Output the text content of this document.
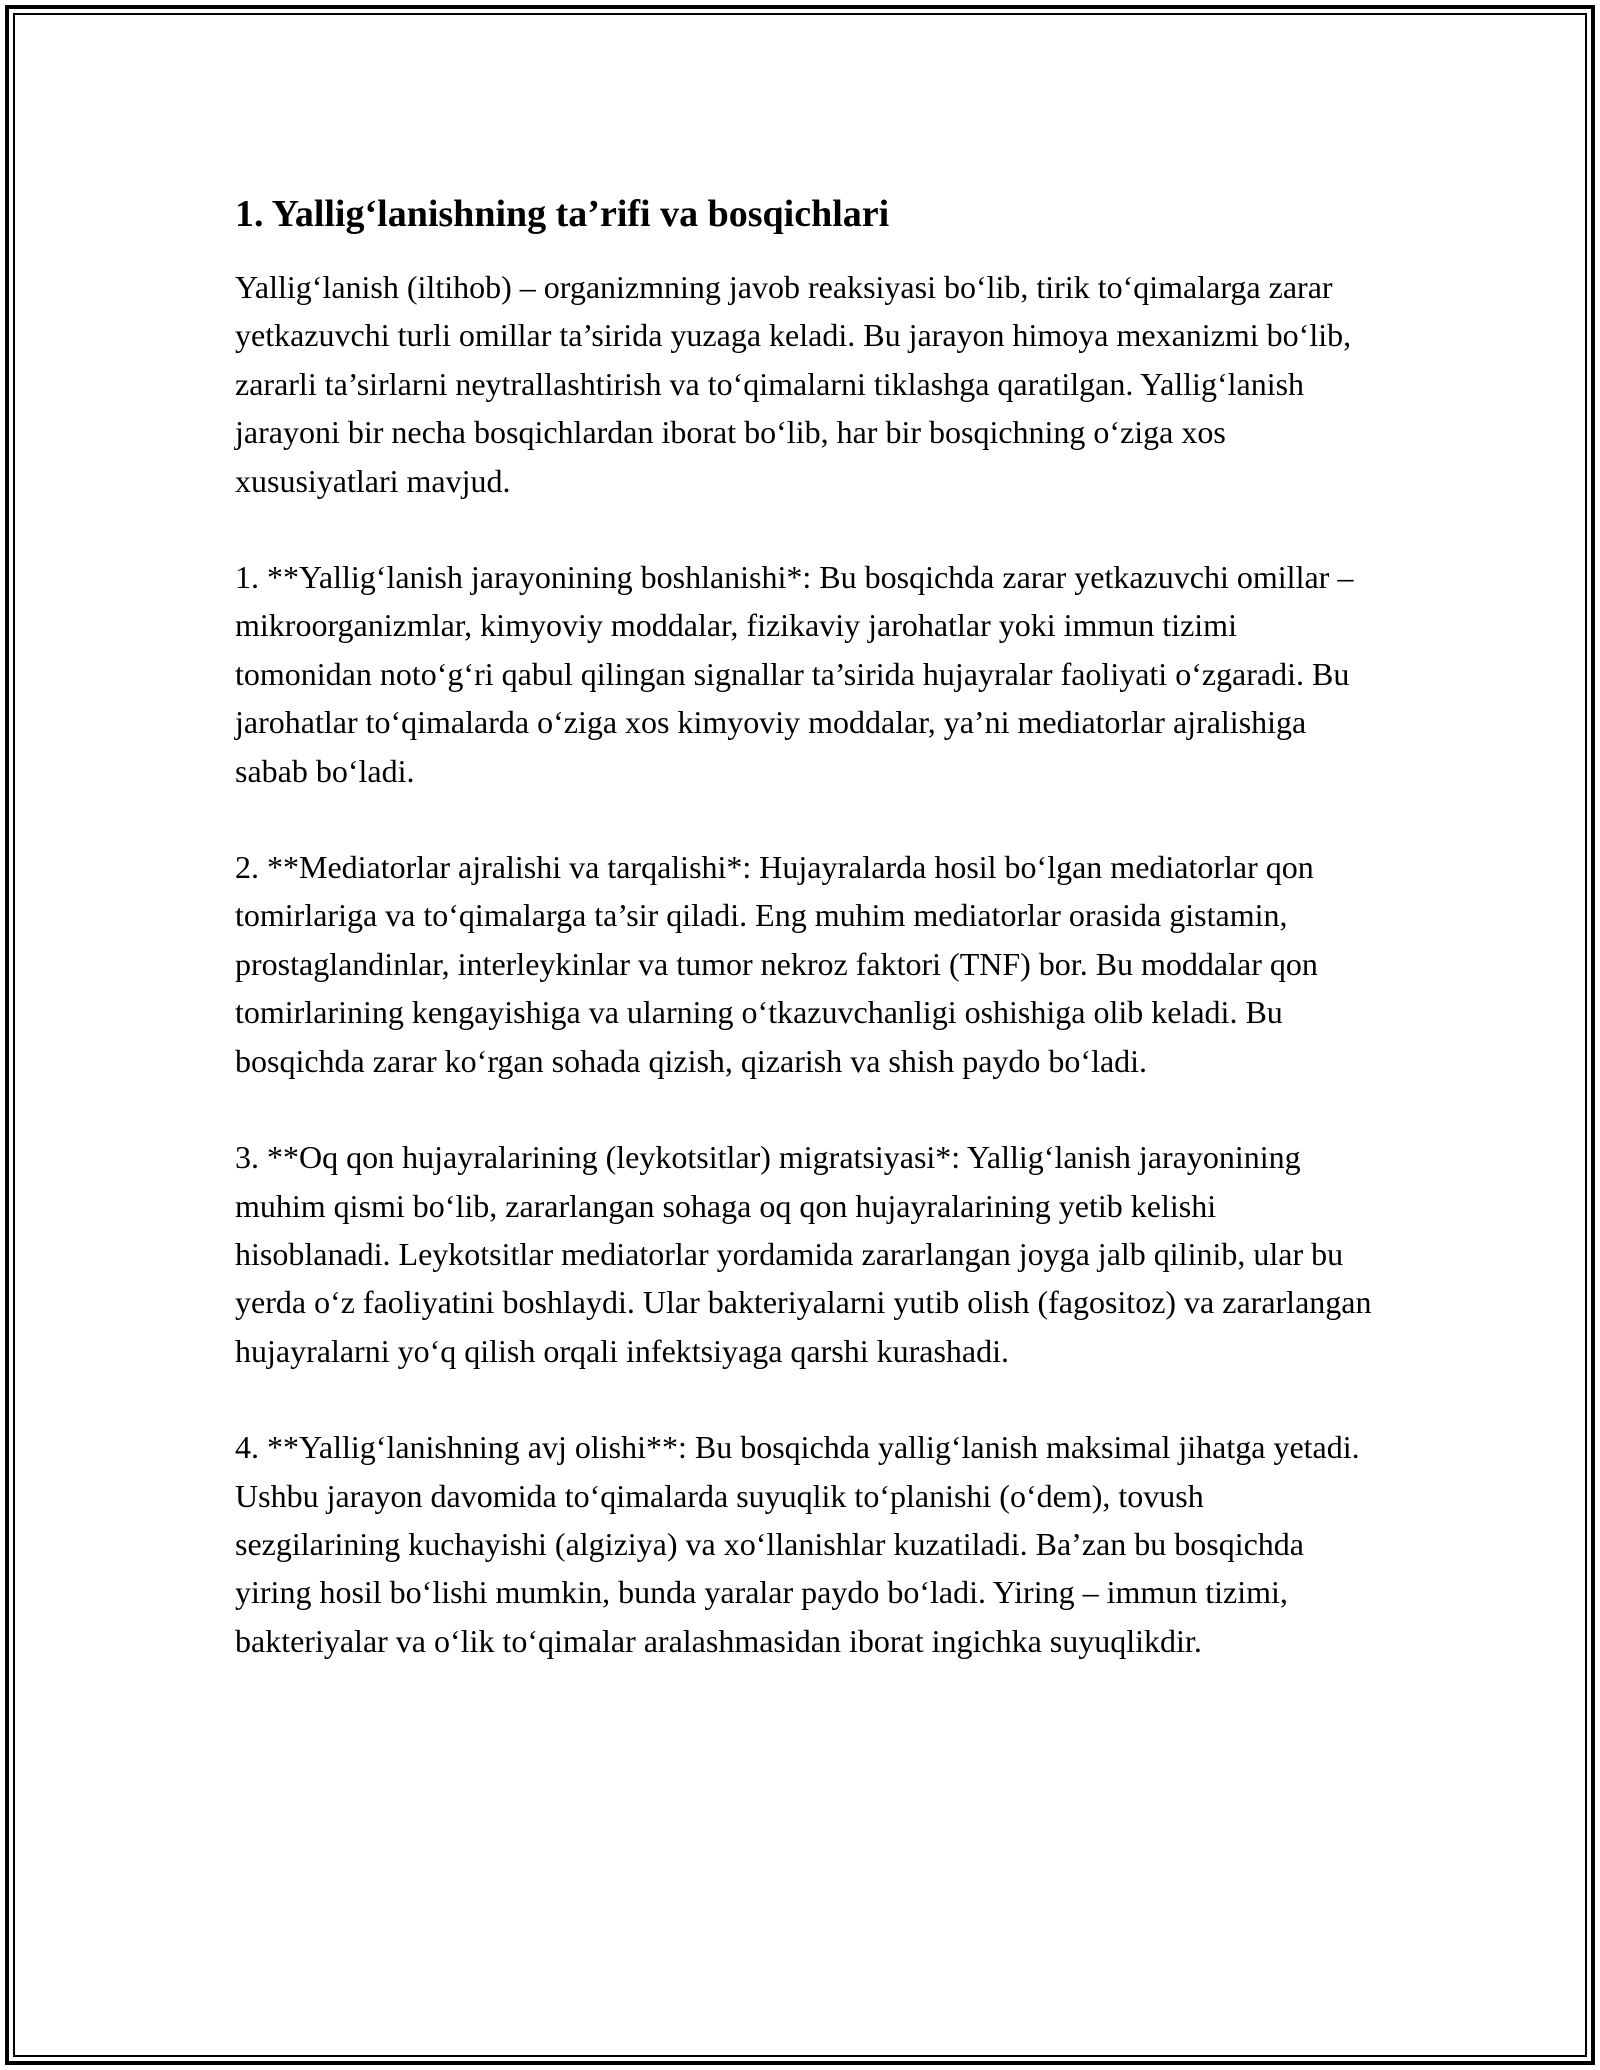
1. Yallig‘lanishning ta’rifi va bosqichlari

Yallig‘lanish (iltihob) – organizmning javob reaksiyasi bo‘lib, tirik to‘qimalarga zarar yetkazuvchi turli omillar ta’sirida yuzaga keladi. Bu jarayon himoya mexanizmi bo‘lib, zararli ta’sirlarni neytrallashtirish va to‘qimalarni tiklashga qaratilgan. Yallig‘lanish jarayoni bir necha bosqichlardan iborat bo‘lib, har bir bosqichning o‘ziga xos xususiyatlari mavjud.

1. **Yallig‘lanish jarayonining boshlanishi*: Bu bosqichda zarar yetkazuvchi omillar – mikroorganizmlar, kimyoviy moddalar, fizikaviy jarohatlar yoki immun tizimi tomonidan noto‘g‘ri qabul qilingan signallar ta’sirida hujayralar faoliyati o‘zgaradi. Bu jarohatlar to‘qimalarda o‘ziga xos kimyoviy moddalar, ya’ni mediatorlar ajralishiga sabab bo‘ladi.

2. **Mediatorlar ajralishi va tarqalishi*: Hujayralarda hosil bo‘lgan mediatorlar qon tomirlariga va to‘qimalarga ta’sir qiladi. Eng muhim mediatorlar orasida gistamin, prostaglandinlar, interleykinlar va tumor nekroz faktori (TNF) bor. Bu moddalar qon tomirlarining kengayishiga va ularning o‘tkazuvchanligi oshishiga olib keladi. Bu bosqichda zarar ko‘rgan sohada qizish, qizarish va shish paydo bo‘ladi.

3. **Oq qon hujayralarining (leykotsitlar) migratsiyasi*: Yallig‘lanish jarayonining muhim qismi bo‘lib, zararlangan sohaga oq qon hujayralarining yetib kelishi hisoblanadi. Leykotsitlar mediatorlar yordamida zararlangan joyga jalb qilinib, ular bu yerda o‘z faoliyatini boshlaydi. Ular bakteriyalarni yutib olish (fagositoz) va zararlangan hujayralarni yo‘q qilish orqali infektsiyaga qarshi kurashadi.

4. **Yallig‘lanishning avj olishi**: Bu bosqichda yallig‘lanish maksimal jihatga yetadi. Ushbu jarayon davomida to‘qimalarda suyuqlik to‘planishi (o‘dem), tovush sezgilarining kuchayishi (algiziya) va xo‘llanishlar kuzatiladi. Ba’zan bu bosqichda yiring hosil bo‘lishi mumkin, bunda yaralar paydo bo‘ladi. Yiring – immun tizimi, bakteriyalar va o‘lik to‘qimalar aralashmasidan iborat ingichka suyuqlikdir.
